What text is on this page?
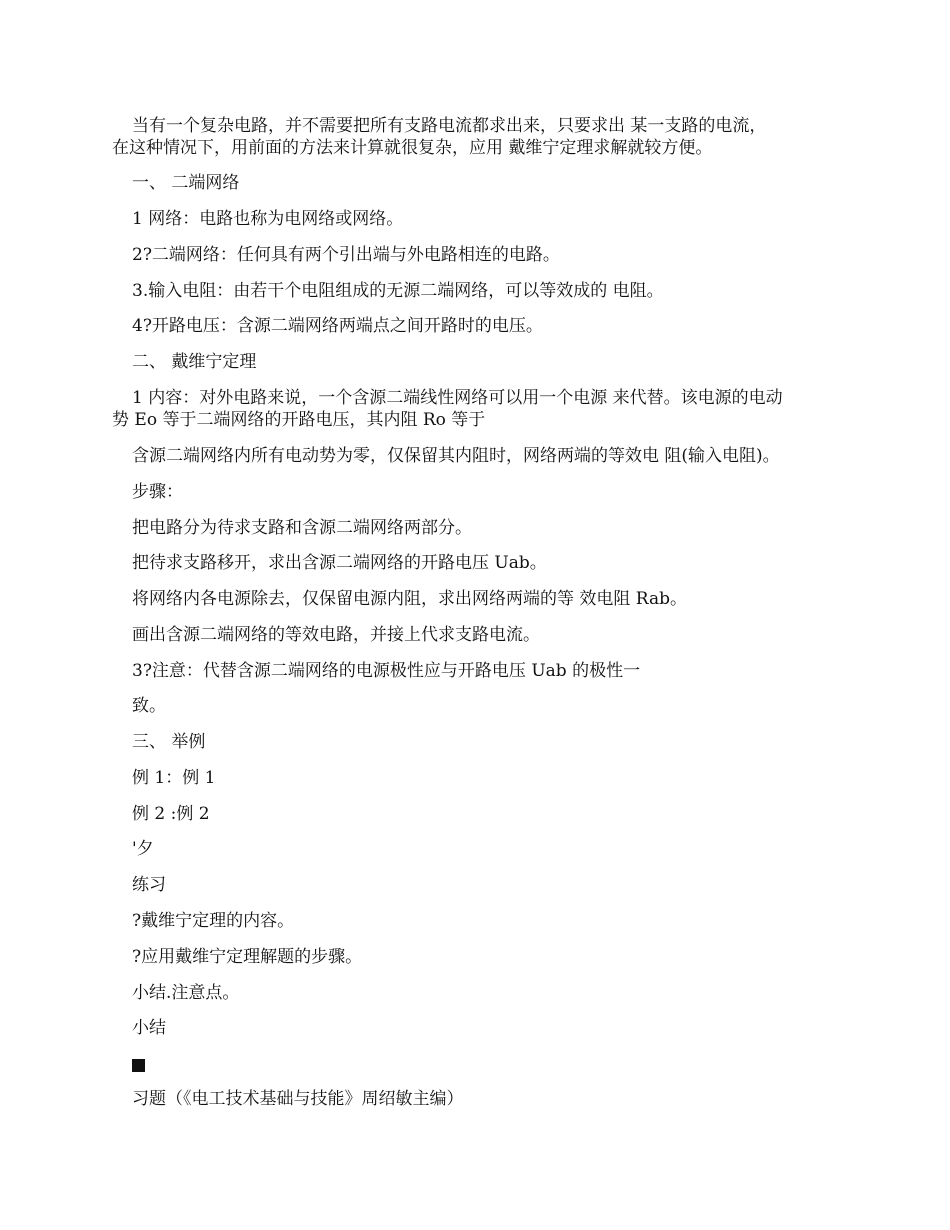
当有一个复杂电路，并不需要把所有支路电流都求出来，只要求出 某一支路的电流，
在这种情况下，用前面的方法来计算就很复杂，应用 戴维宁定理求解就较方便。
一、 二端网络
1 网络：电路也称为电网络或网络。
2?二端网络：任何具有两个引出端与外电路相连的电路。
3.输入电阻：由若干个电阻组成的无源二端网络，可以等效成的 电阻。
4?开路电压：含源二端网络两端点之间开路时的电压。
二、 戴维宁定理
1 内容：对外电路来说，一个含源二端线性网络可以用一个电源 来代替。该电源的电动
势 Eo 等于二端网络的开路电压，其内阻 Ro 等于
含源二端网络内所有电动势为零，仅保留其内阻时，网络两端的等效电 阻(输入电阻)。
步骤：
把电路分为待求支路和含源二端网络两部分。
把待求支路移开，求出含源二端网络的开路电压 Uab。
将网络内各电源除去，仅保留电源内阻，求出网络两端的等 效电阻 Rab。
画出含源二端网络的等效电路，并接上代求支路电流。
3?注意：代替含源二端网络的电源极性应与开路电压 Uab 的极性一
致。
三、 举例
例 1：例 1
例 2 :例 2
'夕
练习
?戴维宁定理的内容。
?应用戴维宁定理解题的步骤。
小结.注意点。
小结
习题（《电工技术基础与技能》周绍敏主编）
